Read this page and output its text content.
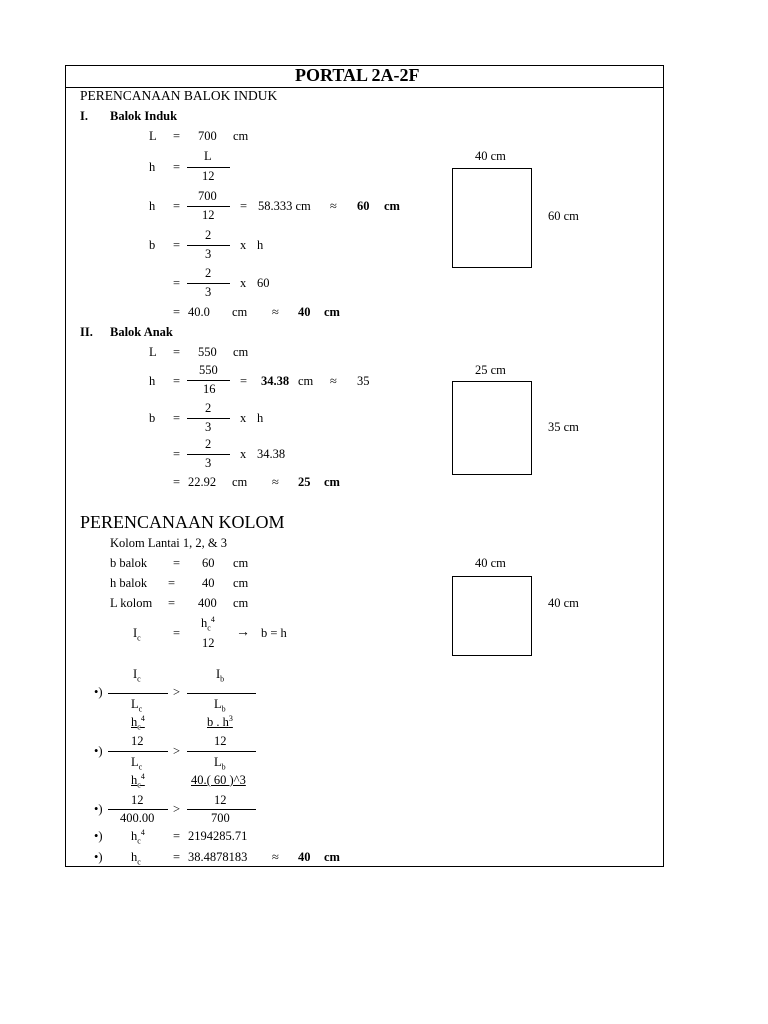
PORTAL 2A-2F
PERENCANAAN BALOK INDUK
I. Balok Induk
L = 700 cm
h =
L
12
h =
700
12
= 58.333 cm ≈ 60 cm
b =
2
3
x h
=
2
3
x 60
= 40.0 cm ≈ 40 cm
40 cm
60 cm
II. Balok Anak
L = 550 cm
h =
550
16
= 34.38 cm ≈ 35
b =
2
3
x h
=
2
3
x 34.38
= 22.92 cm ≈ 25 cm
25 cm
35 cm
PERENCANAAN KOLOM
Kolom Lantai 1, 2, & 3
b balok = 60 cm
h balok = 40 cm
L kolom = 400 cm
$I_c$	=
$h_c^4$
12
→ b = h
40 cm
40 cm
$I_c$
•)
$L_c$
>
$I_b$
$L_b$
$h_c^4$
12
•)
$L_c$
>
b . $h^3$
12
$L_b$
$h_c^4$
12
•)
400.00
>
40.( 60 )^3
12
700
•) $h_c^4 = 2194285.71$
•) $h_c$	= 38.4878183 ≈ 40 cm
